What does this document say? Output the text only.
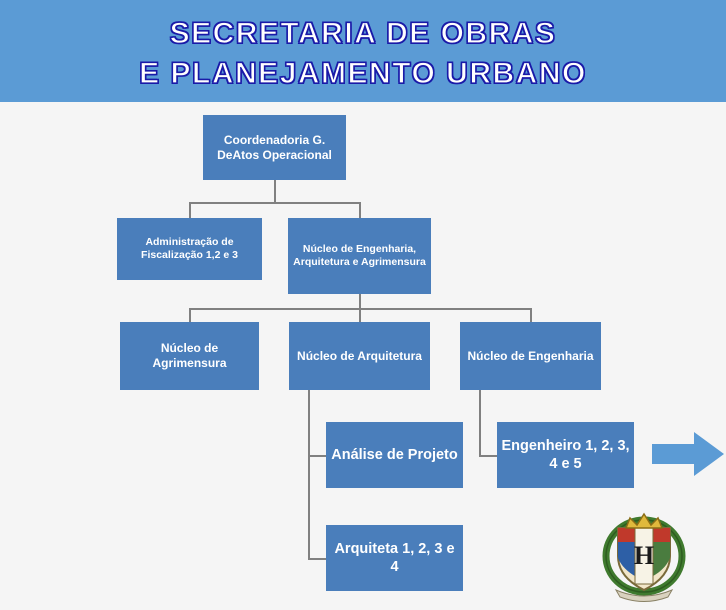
SECRETARIA DE OBRAS
E PLANEJAMENTO URBANO
Coordenadoria G. DeAtos Operacional
Administração de Fiscalização 1,2 e 3
Núcleo de Engenharia, Arquitetura e Agrimensura
Núcleo de Agrimensura
Núcleo de Arquitetura	Núcleo de Engenharia
Análise de Projeto
Engenheiro 1, 2, 3, 4 e 5
Arquiteta 1, 2, 3 e 4	H
